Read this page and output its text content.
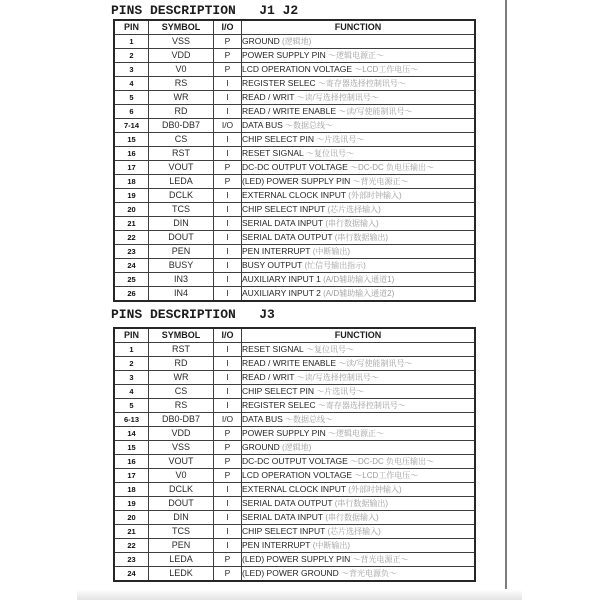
PINS DESCRIPTION   J1 J2
PIN	SYMBOL	I/O	FUNCTION
1	VSS	P	GROUND (逻辑地)
2	VDD	P	POWER SUPPLY PIN ～逻辑电源正～
3	V0	P	LCD OPERATION VOLTAGE ～LCD工作电压～
4	RS	I	REGISTER SELEC ～寄存器选择控制讯号～
5	WR	I	READ / WRIT ～读/写选择控制讯号～
6	RD	I	READ / WRITE ENABLE ～读/写使能制讯号～
7-14	DB0-DB7	I/O	DATA BUS ～数据总线～
15	CS	I	CHIP SELECT PIN ～片选讯号～
16	RST	I	RESET SIGNAL ～复位讯号～
17	VOUT	P	DC-DC OUTPUT VOLTAGE ～DC-DC 负电压输出～
18	LEDA	P	(LED) POWER SUPPLY PIN ～背光电源正～
19	DCLK	I	EXTERNAL CLOCK INPUT (外部时钟输入)
20	TCS	I	CHIP SELECT INPUT (芯片选择输入)
21	DIN	I	SERIAL DATA INPUT (串行数据输入)
22	DOUT	I	SERIAL DATA OUTPUT (串行数据输出)
23	PEN	I	PEN INTERRUPT (中断输出)
24	BUSY	I	BUSY OUTPUT (忙信号输出指示)
25	IN3	I	AUXILIARY INPUT 1 (A/D辅助输入通道1)
26	IN4	I	AUXILIARY INPUT 2 (A/D辅助输入通道2)
PINS DESCRIPTION   J3
PIN	SYMBOL	I/O	FUNCTION
1	RST	I	RESET SIGNAL ～复位讯号～
2	RD	I	READ / WRITE ENABLE ～读/写使能制讯号～
3	WR	I	READ / WRIT ～读/写选择控制讯号～
4	CS	I	CHIP SELECT PIN ～片选讯号～
5	RS	I	REGISTER SELEC ～寄存器选择控制讯号～
6-13	DB0-DB7	I/O	DATA BUS ～数据总线～
14	VDD	P	POWER SUPPLY PIN ～逻辑电源正～
15	VSS	P	GROUND (逻辑地)
16	VOUT	P	DC-DC OUTPUT VOLTAGE ～DC-DC 负电压输出～
17	V0	P	LCD OPERATION VOLTAGE ～LCD工作电压～
18	DCLK	I	EXTERNAL CLOCK INPUT (外部时钟输入)
19	DOUT	I	SERIAL DATA OUTPUT (串行数据输出)
20	DIN	I	SERIAL DATA INPUT (串行数据输入)
21	TCS	I	CHIP SELECT INPUT (芯片选择输入)
22	PEN	I	PEN INTERRUPT (中断输出)
23	LEDA	P	(LED) POWER SUPPLY PIN ～背光电源正～
24	LEDK	P	(LED) POWER GROUND ～背光电源负～
